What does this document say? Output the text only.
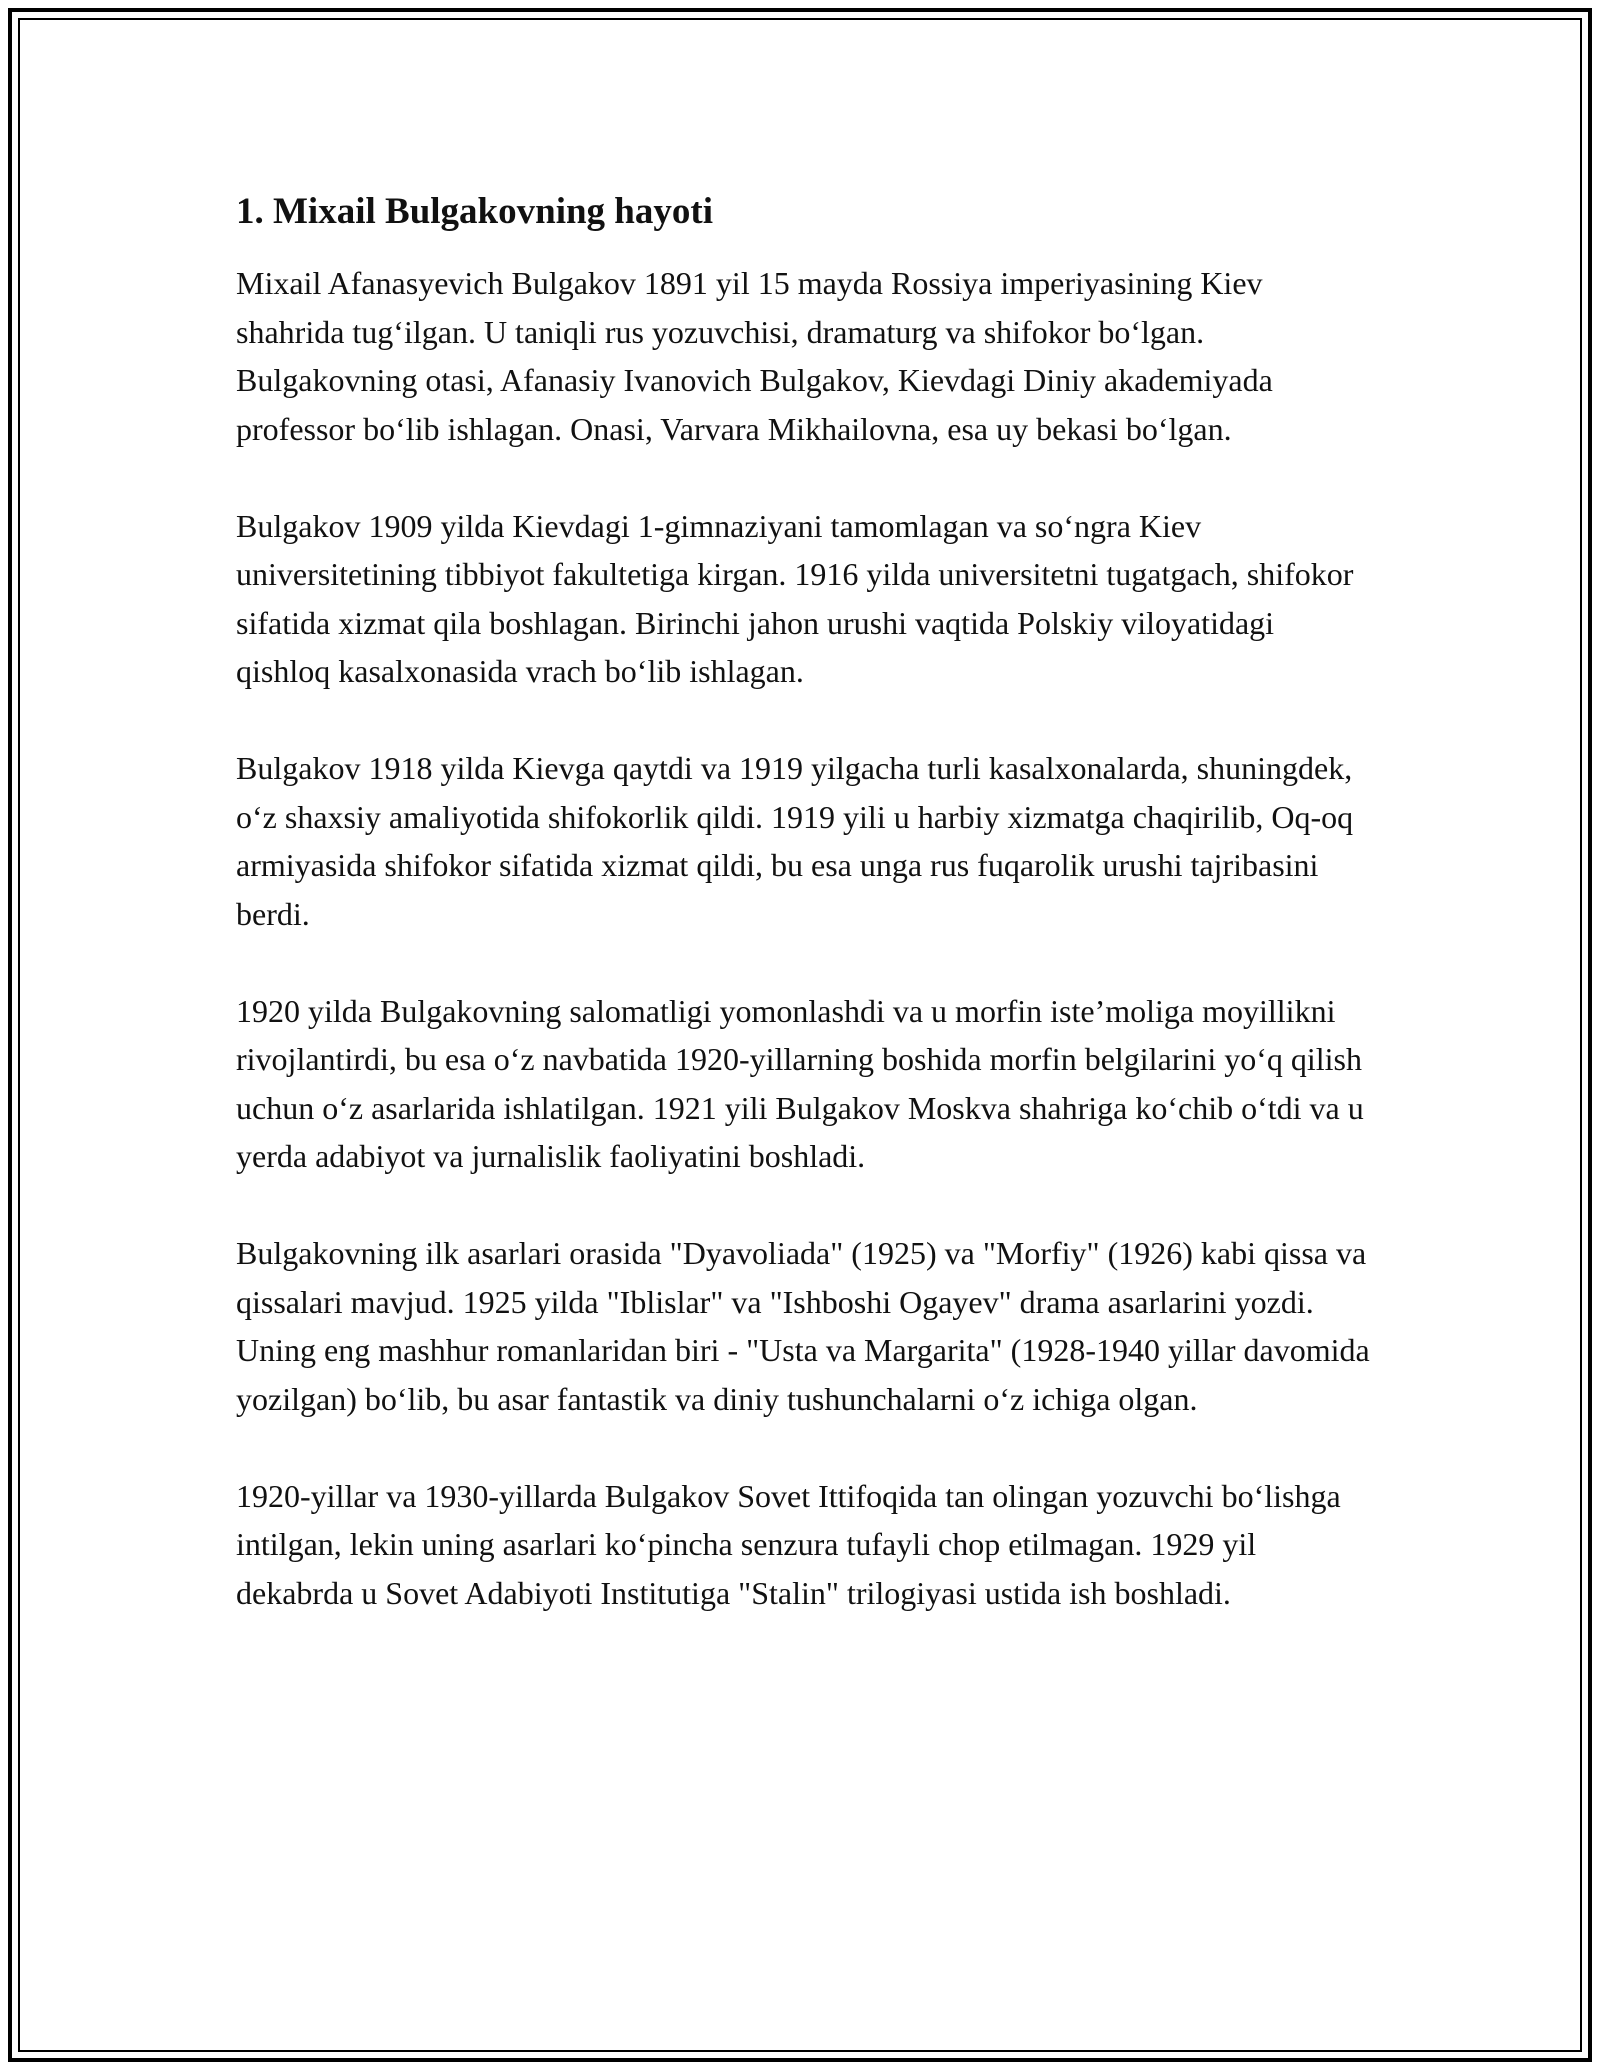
1. Mixail Bulgakovning hayoti

Mixail Afanasyevich Bulgakov 1891 yil 15 mayda Rossiya imperiyasining Kiev shahrida tug‘ilgan. U taniqli rus yozuvchisi, dramaturg va shifokor bo‘lgan. Bulgakovning otasi, Afanasiy Ivanovich Bulgakov, Kievdagi Diniy akademiyada professor bo‘lib ishlagan. Onasi, Varvara Mikhailovna, esa uy bekasi bo‘lgan.

Bulgakov 1909 yilda Kievdagi 1-gimnaziyani tamomlagan va so‘ngra Kiev universitetining tibbiyot fakultetiga kirgan. 1916 yilda universitetni tugatgach, shifokor sifatida xizmat qila boshlagan. Birinchi jahon urushi vaqtida Polskiy viloyatidagi qishloq kasalxonasida vrach bo‘lib ishlagan.

Bulgakov 1918 yilda Kievga qaytdi va 1919 yilgacha turli kasalxonalarda, shuningdek, o‘z shaxsiy amaliyotida shifokorlik qildi. 1919 yili u harbiy xizmatga chaqirilib, Oq-oq armiyasida shifokor sifatida xizmat qildi, bu esa unga rus fuqarolik urushi tajribasini berdi.

1920 yilda Bulgakovning salomatligi yomonlashdi va u morfin iste’moliga moyillikni rivojlantirdi, bu esa o‘z navbatida 1920-yillarning boshida morfin belgilarini yo‘q qilish uchun o‘z asarlarida ishlatilgan. 1921 yili Bulgakov Moskva shahriga ko‘chib o‘tdi va u yerda adabiyot va jurnalislik faoliyatini boshladi.

Bulgakovning ilk asarlari orasida "Dyavoliada" (1925) va "Morfiy" (1926) kabi qissa va qissalari mavjud. 1925 yilda "Iblislar" va "Ishboshi Ogayev" drama asarlarini yozdi. Uning eng mashhur romanlaridan biri - "Usta va Margarita" (1928-1940 yillar davomida yozilgan) bo‘lib, bu asar fantastik va diniy tushunchalarni o‘z ichiga olgan.

1920-yillar va 1930-yillarda Bulgakov Sovet Ittifoqida tan olingan yozuvchi bo‘lishga intilgan, lekin uning asarlari ko‘pincha senzura tufayli chop etilmagan. 1929 yil dekabrda u Sovet Adabiyoti Institutiga "Stalin" trilogiyasi ustida ish boshladi.
